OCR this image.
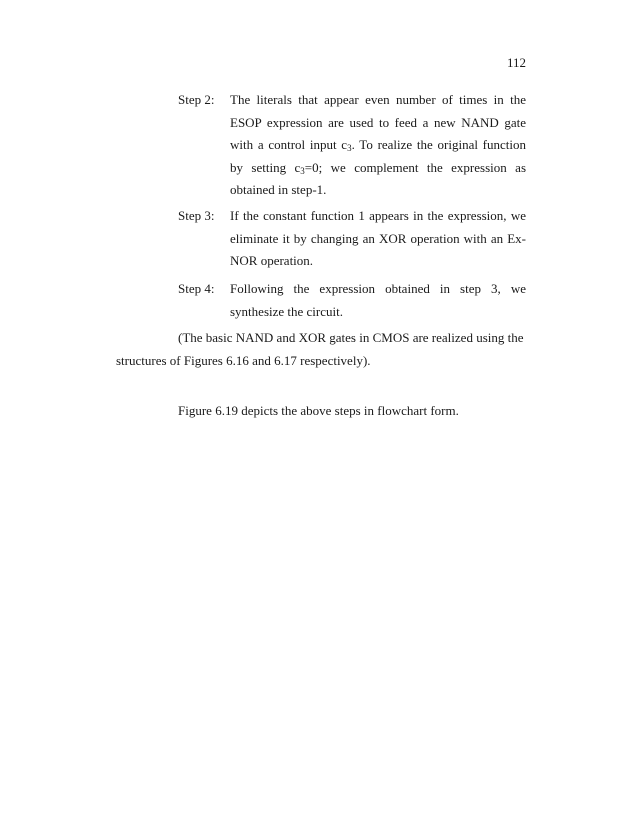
112
Step 2:	The literals that appear even number of times in the ESOP expression are used to feed a new NAND gate with a control input $c_3$. To realize the original function by setting $c_3=0$; we complement the expression as obtained in step-1.
Step 3:	If the constant function 1 appears in the expression, we eliminate it by changing an XOR operation with an Ex-NOR operation.
Step 4:	Following the expression obtained in step 3, we synthesize the circuit.
(The basic NAND and XOR gates in CMOS are realized using the
structures of Figures 6.16 and 6.17 respectively).
Figure 6.19 depicts the above steps in flowchart form.
